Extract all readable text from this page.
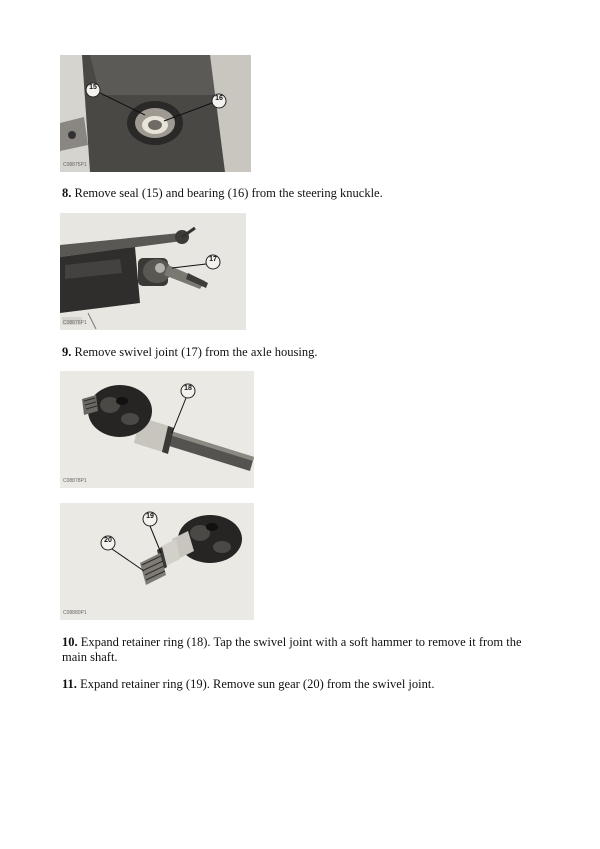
15
16
C08875P1

8. Remove seal (15) and bearing (16) from the steering knuckle.

17
C08876P1

9. Remove swivel joint (17) from the axle housing.

18
C08878P1
19
20
C08880P1

10. Expand retainer ring (18). Tap the swivel joint with a soft hammer to remove it from the main shaft.

11. Expand retainer ring (19). Remove sun gear (20) from the swivel joint.
